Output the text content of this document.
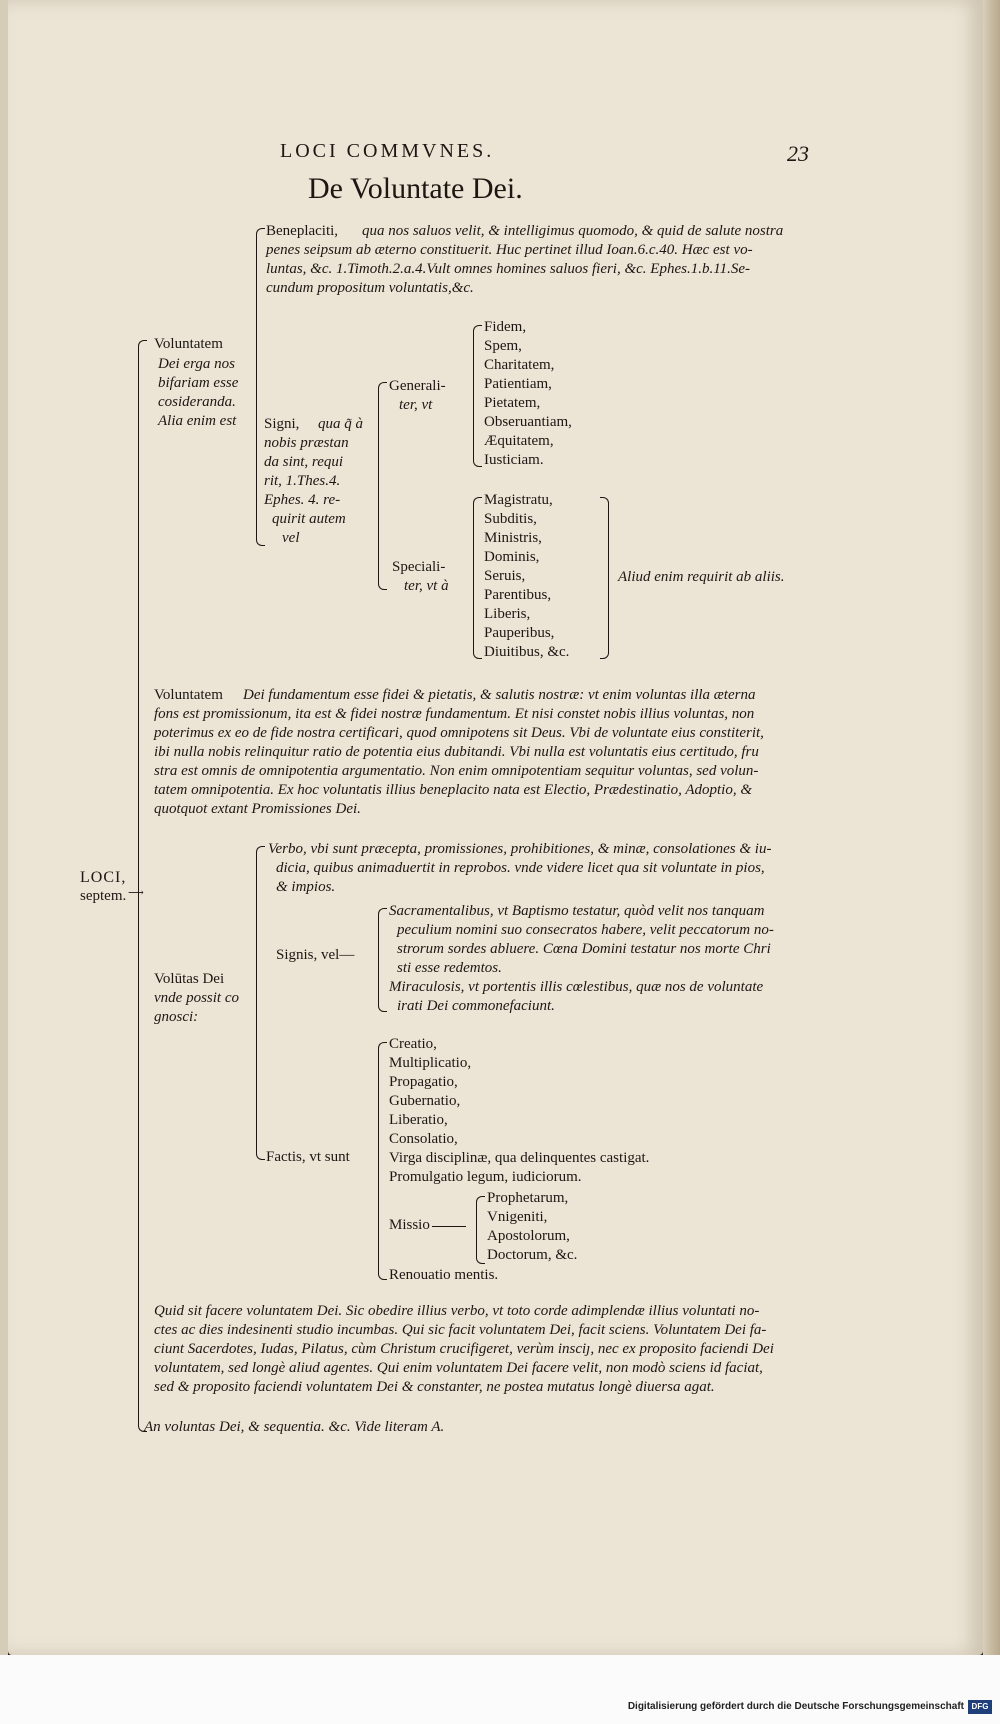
LOCI COMMVNES.	23
De Voluntate Dei.
LOCI,
septem. ⟶
Voluntatem
Dei erga nos
bifariam esse
cosideranda.
Alia enim est
Beneplaciti, qua nos saluos velit, & intelligimus quomodo, & quid de salute nostra
penes seipsum ab æterno constituerit. Huc pertinet illud Ioan.6.c.40. Hæc est vo-
luntas, &c. 1.Timoth.2.a.4.Vult omnes homines saluos fieri, &c. Ephes.1.b.11.Se-
cundum propositum voluntatis,&c.
Signi, qua q̃ à
nobis præstan
da sint, requi
rit, 1.Thes.4.
Ephes. 4. re-
quirit autem
vel
Generali-
ter, vt
Fidem,
Spem,
Charitatem,
Patientiam,
Pietatem,
Obseruantiam,
Æquitatem,
Iusticiam.
Speciali-
ter, vt à
Magistratu,
Subditis,
Ministris,
Dominis,
Seruis,
Parentibus,
Liberis,
Pauperibus,
Diuitibus, &c.
Aliud enim requirit ab aliis.
Voluntatem Dei fundamentum esse fidei & pietatis, & salutis nostræ: vt enim voluntas illa æterna
fons est promissionum, ita est & fidei nostræ fundamentum. Et nisi constet nobis illius voluntas, non
poterimus ex eo de fide nostra certificari, quod omnipotens sit Deus. Vbi de voluntate eius constiterit,
ibi nulla nobis relinquitur ratio de potentia eius dubitandi. Vbi nulla est voluntatis eius certitudo, fru
stra est omnis de omnipotentia argumentatio. Non enim omnipotentiam sequitur voluntas, sed volun-
tatem omnipotentia. Ex hoc voluntatis illius beneplacito nata est Electio, Prædestinatio, Adoptio, &
quotquot extant Promissiones Dei.
Volūtas Dei
vnde possit co
gnosci:
Verbo, vbi sunt præcepta, promissiones, prohibitiones, & minæ, consolationes & iu-
dicia, quibus animaduertit in reprobos. vnde videre licet qua sit voluntate in pios,
& impios.
Signis, vel—
Sacramentalibus, vt Baptismo testatur, quòd velit nos tanquam
peculium nomini suo consecratos habere, velit peccatorum no-
strorum sordes abluere. Cœna Domini testatur nos morte Chri
sti esse redemtos.
Miraculosis, vt portentis illis cœlestibus, quæ nos de voluntate
irati Dei commonefaciunt.
Factis, vt sunt
Creatio,
Multiplicatio,
Propagatio,
Gubernatio,
Liberatio,
Consolatio,
Virga disciplinæ, qua delinquentes castigat.
Promulgatio legum, iudiciorum.
Missio
Prophetarum,
Vnigeniti,
Apostolorum,
Doctorum, &c.
Renouatio mentis.
Quid sit facere voluntatem Dei. Sic obedire illius verbo, vt toto corde adimplendæ illius voluntati no-
ctes ac dies indesinenti studio incumbas. Qui sic facit voluntatem Dei, facit sciens. Voluntatem Dei fa-
ciunt Sacerdotes, Iudas, Pilatus, cùm Christum crucifigeret, verùm insciȷ, nec ex proposito faciendi Dei
voluntatem, sed longè aliud agentes. Qui enim voluntatem Dei facere velit, non modò sciens id faciat,
sed & proposito faciendi voluntatem Dei & constanter, ne postea mutatus longè diuersa agat.
An voluntas Dei, & sequentia. &c. Vide literam A.
Digitalisierung gefördert durch die Deutsche Forschungsgemeinschaft DFG
